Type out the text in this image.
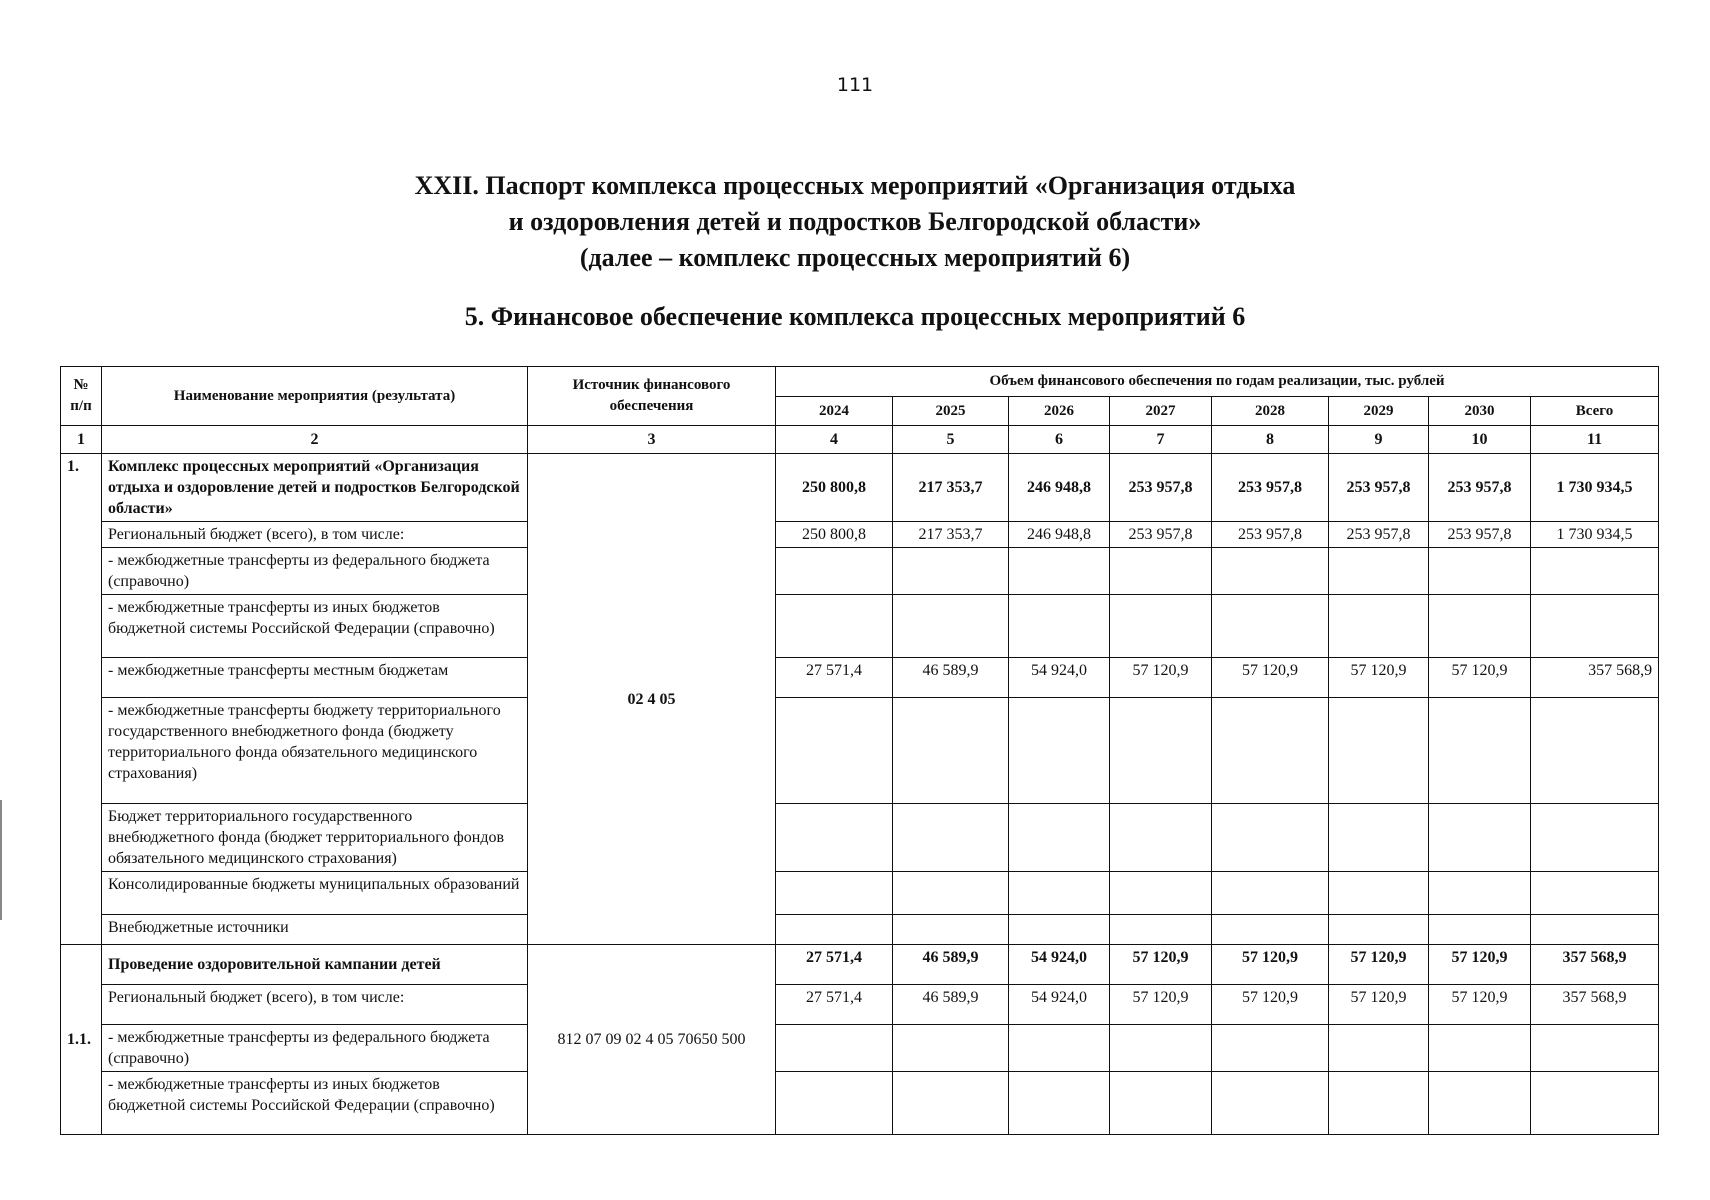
111
XXII. Паспорт комплекса процессных мероприятий «Организация отдыха
и оздоровления детей и подростков Белгородской области»
(далее – комплекс процессных мероприятий 6)
5. Финансовое обеспечение комплекса процессных мероприятий 6
№ п/п	Наименование мероприятия (результата)	Источник финансового обеспечения	Объем финансового обеспечения по годам реализации, тыс. рублей							
			2024	2025	2026	2027	2028	2029	2030	Всего
1	2	3	4	5	6	7	8	9	10	11
1.	Комплекс процессных мероприятий «Организация отдыха и оздоровление детей и подростков Белгородской области»	02 4 05	250 800,8	217 353,7	246 948,8	253 957,8	253 957,8	253 957,8	253 957,8	1 730 934,5
	Региональный бюджет (всего), в том числе:		250 800,8	217 353,7	246 948,8	253 957,8	253 957,8	253 957,8	253 957,8	1 730 934,5
	- межбюджетные трансферты из федерального бюджета (справочно)									
	- межбюджетные трансферты из иных бюджетов бюджетной системы Российской Федерации (справочно)									
	- межбюджетные трансферты местным бюджетам		27 571,4	46 589,9	54 924,0	57 120,9	57 120,9	57 120,9	57 120,9	357 568,9
	- межбюджетные трансферты бюджету территориального государственного внебюджетного фонда (бюджету территориального фонда обязательного медицинского страхования)									
	Бюджет территориального государственного внебюджетного фонда (бюджет территориального фондов обязательного медицинского страхования)									
	Консолидированные бюджеты муниципальных образований									
	Внебюджетные источники									
1.1.	Проведение оздоровительной кампании детей	812 07 09 02 4 05 70650 500	27 571,4	46 589,9	54 924,0	57 120,9	57 120,9	57 120,9	57 120,9	357 568,9
	Региональный бюджет (всего), в том числе:		27 571,4	46 589,9	54 924,0	57 120,9	57 120,9	57 120,9	57 120,9	357 568,9
	- межбюджетные трансферты из федерального бюджета (справочно)									
	- межбюджетные трансферты из иных бюджетов бюджетной системы Российской Федерации (справочно)									
